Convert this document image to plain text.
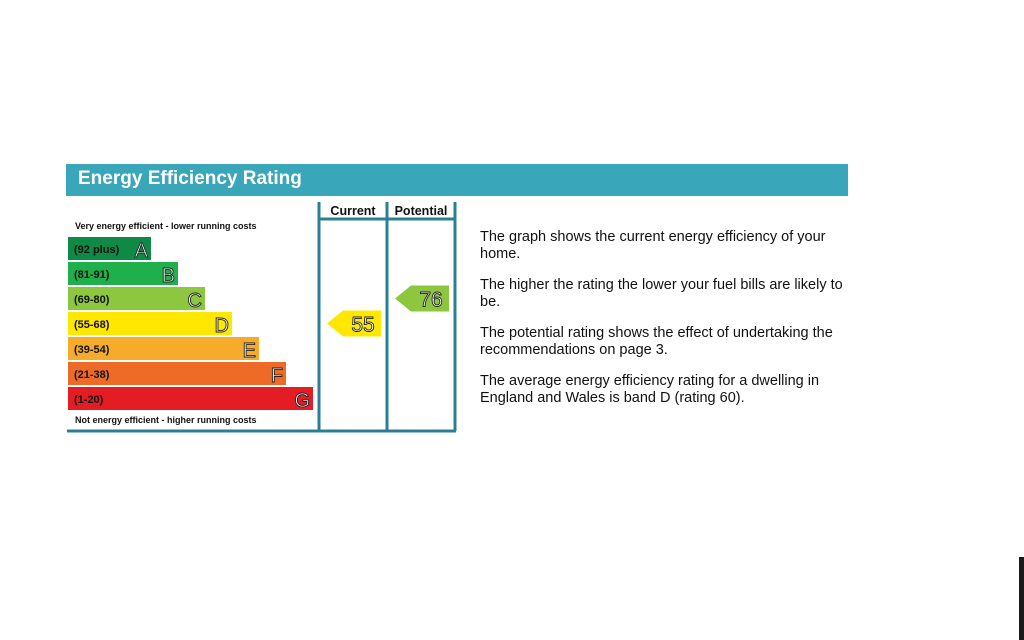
Energy Efficiency Rating
Current Potential
Very energy efficient - lower running costs
Not energy efficient - higher running costs
(92 plus) A
(81-91)	B
(69-80)	C
(55-68)	D
(39-54)	E
(21-38)	F
(1-20)	G
55
76

The graph shows the current energy efficiency of your home.

The higher the rating the lower your fuel bills are likely to be.

The potential rating shows the effect of undertaking the recommendations on page 3.

The average energy efficiency rating for a dwelling in England and Wales is band D (rating 60).
